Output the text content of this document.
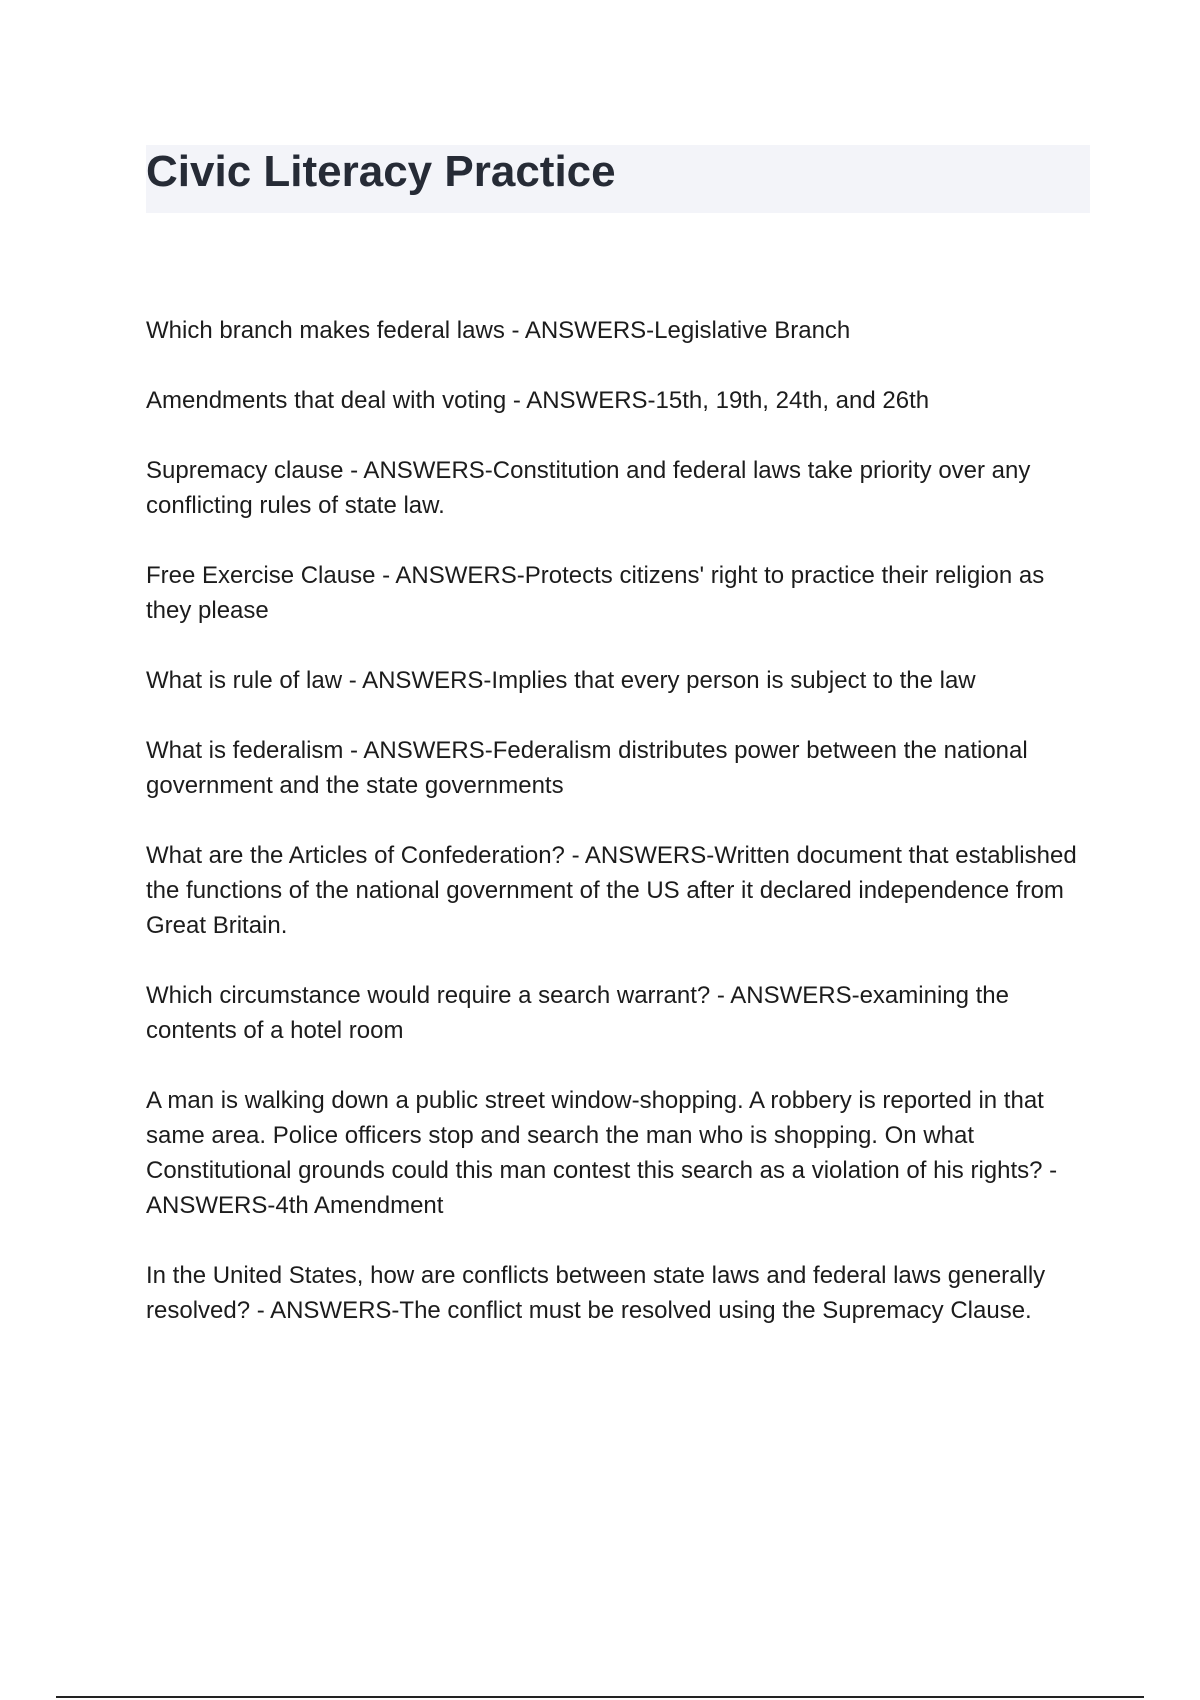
Civic Literacy Practice
Which branch makes federal laws - ANSWERS-Legislative Branch
Amendments that deal with voting - ANSWERS-15th, 19th, 24th, and 26th
Supremacy clause - ANSWERS-Constitution and federal laws take priority over any conflicting rules of state law.
Free Exercise Clause - ANSWERS-Protects citizens' right to practice their religion as they please
What is rule of law - ANSWERS-Implies that every person is subject to the law
What is federalism - ANSWERS-Federalism distributes power between the national government and the state governments
What are the Articles of Confederation? - ANSWERS-Written document that established the functions of the national government of the US after it declared independence from Great Britain.
Which circumstance would require a search warrant? - ANSWERS-examining the contents of a hotel room
A man is walking down a public street window-shopping. A robbery is reported in that same area. Police officers stop and search the man who is shopping. On what Constitutional grounds could this man contest this search as a violation of his rights? - ANSWERS-4th Amendment
In the United States, how are conflicts between state laws and federal laws generally resolved? - ANSWERS-The conflict must be resolved using the Supremacy Clause.
